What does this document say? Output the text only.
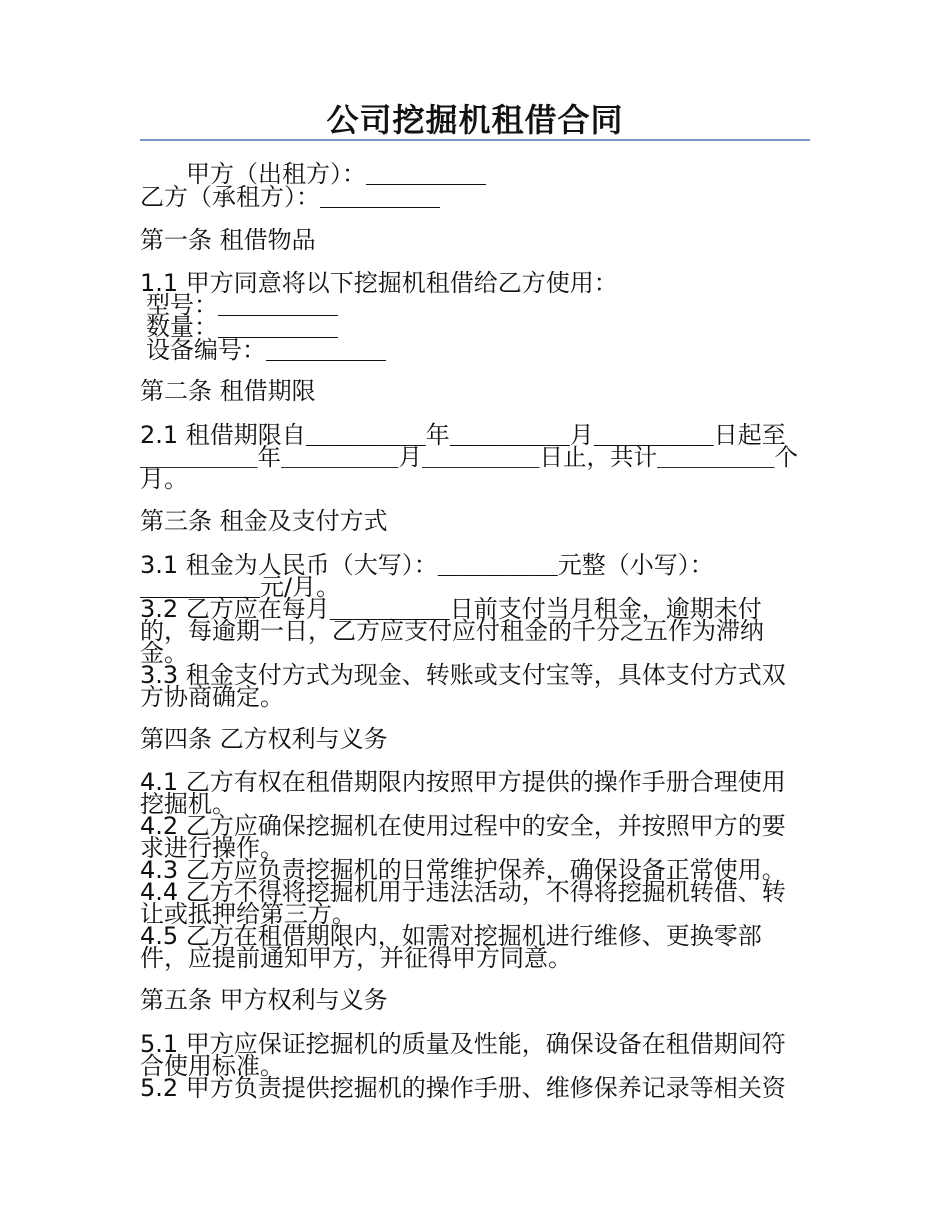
公司挖掘机租借合同
甲方（出租方）：＿＿＿＿＿
乙方（承租方）：＿＿＿＿＿
第一条 租借物品
1.1 甲方同意将以下挖掘机租借给乙方使用：
型号：＿＿＿＿＿
数量：＿＿＿＿＿
设备编号：＿＿＿＿＿
第二条 租借期限
2.1 租借期限自＿＿＿＿＿年＿＿＿＿＿月＿＿＿＿＿日起至
＿＿＿＿＿年＿＿＿＿＿月＿＿＿＿＿日止，共计＿＿＿＿＿个
月。
第三条 租金及支付方式
3.1 租金为人民币（大写）：＿＿＿＿＿元整（小写）：
＿＿＿＿＿元/月。
3.2 乙方应在每月＿＿＿＿＿日前支付当月租金，逾期未付
的，每逾期一日，乙方应支付应付租金的千分之五作为滞纳
金。
3.3 租金支付方式为现金、转账或支付宝等，具体支付方式双
方协商确定。
第四条 乙方权利与义务
4.1 乙方有权在租借期限内按照甲方提供的操作手册合理使用
挖掘机。
4.2 乙方应确保挖掘机在使用过程中的安全，并按照甲方的要
求进行操作。
4.3 乙方应负责挖掘机的日常维护保养，确保设备正常使用。
4.4 乙方不得将挖掘机用于违法活动，不得将挖掘机转借、转
让或抵押给第三方。
4.5 乙方在租借期限内，如需对挖掘机进行维修、更换零部
件，应提前通知甲方，并征得甲方同意。
第五条 甲方权利与义务
5.1 甲方应保证挖掘机的质量及性能，确保设备在租借期间符
合使用标准。
5.2 甲方负责提供挖掘机的操作手册、维修保养记录等相关资
